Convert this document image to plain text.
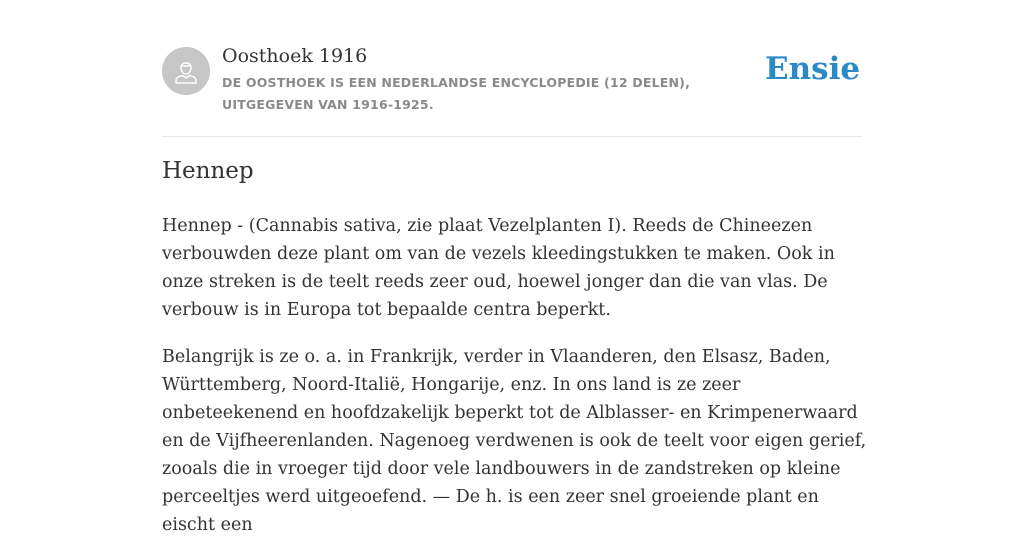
Oosthoek 1916
DE OOSTHOEK IS EEN NEDERLANDSE ENCYCLOPEDIE (12 DELEN), UITGEGEVEN VAN 1916-1925.
Ensie
Hennep

Hennep - (Cannabis sativa, zie plaat Vezelplanten I). Reeds de Chineezen verbouwden deze plant om van de vezels kleedingstukken te maken. Ook in onze streken is de teelt reeds zeer oud, hoewel jonger dan die van vlas. De verbouw is in Europa tot bepaalde centra beperkt.

Belangrijk is ze o. a. in Frankrijk, verder in Vlaanderen, den Elsasz, Baden, Württemberg, Noord-Italië, Hongarije, enz. In ons land is ze zeer onbeteekenend en hoofdzakelijk beperkt tot de Alblasser- en Krimpenerwaard en de Vijfheerenlanden. Nagenoeg verdwenen is ook de teelt voor eigen gerief, zooals die in vroeger tijd door vele landbouwers in de zandstreken op kleine perceeltjes werd uitgeoefend. — De h. is een zeer snel groeiende plant en eischt een
